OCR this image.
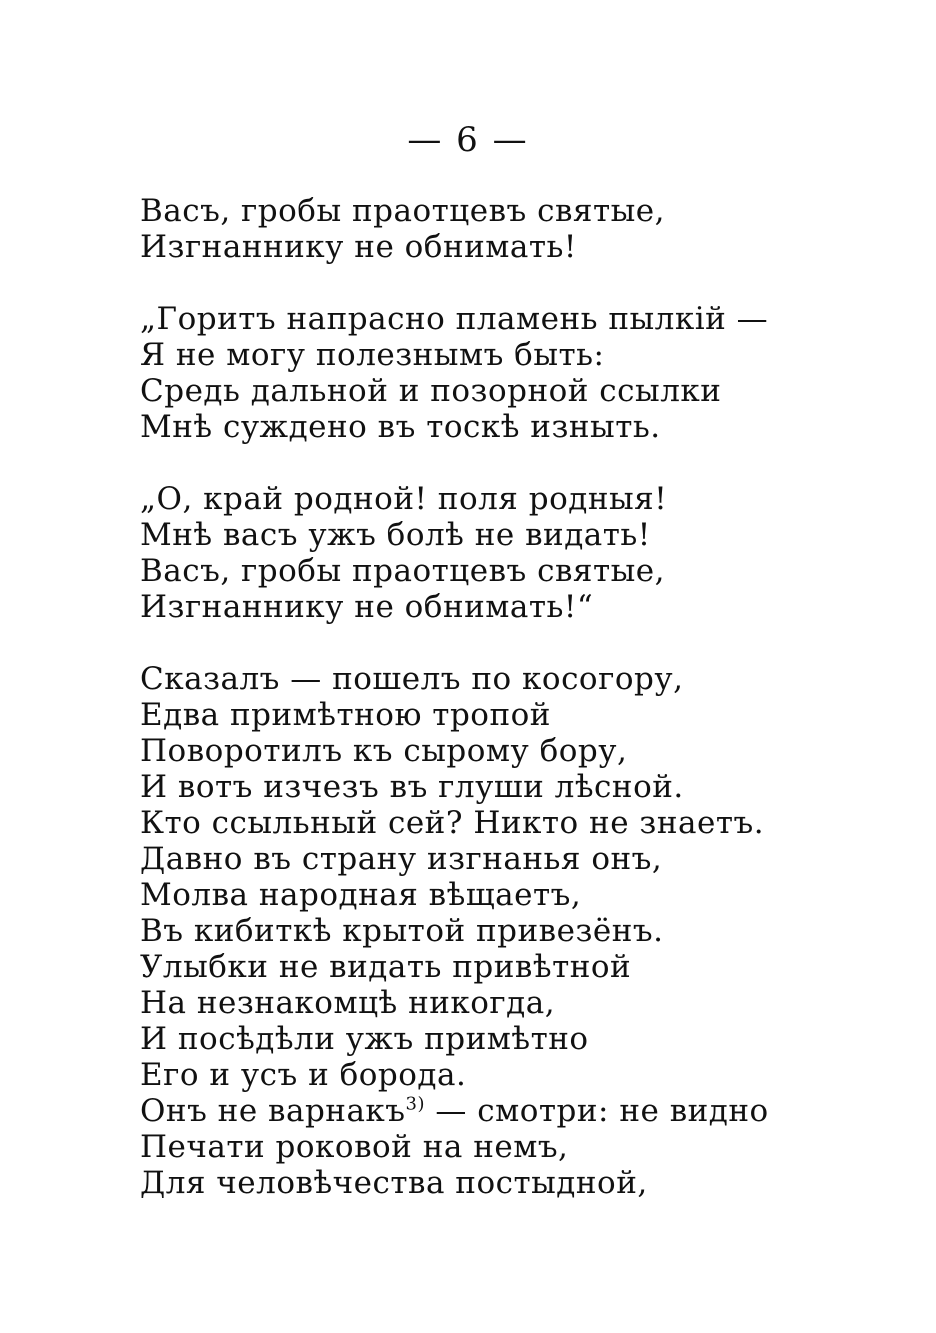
— 6 —
Васъ, гробы праотцевъ святые,
Изгнаннику не обнимать!
„Горитъ напрасно пламень пылкiй —
Я не могу полезнымъ быть:
Средь дальной и позорной ссылки
Мнѣ суждено въ тоскѣ изныть.
„О, край родной! поля родныя!
Мнѣ васъ ужъ болѣ не видать!
Васъ, гробы праотцевъ святые,
Изгнаннику не обнимать!“
Сказалъ — пошелъ по косогору,
Едва примѣтною тропой
Поворотилъ къ сырому бору,
И вотъ изчезъ въ глуши лѣсной.
Кто ссыльный сей? Никто не знаетъ.
Давно въ страну изгнанья онъ,
Молва народная вѣщаетъ,
Въ кибиткѣ крытой привезёнъ.
Улыбки не видать привѣтной
На незнакомцѣ никогда,
И посѣдѣли ужъ примѣтно
Его и усъ и борода.
Онъ не варнакъ$^{3)}$ — смотри: не видно
Печати роковой на немъ,
Для человѣчества постыдной,
